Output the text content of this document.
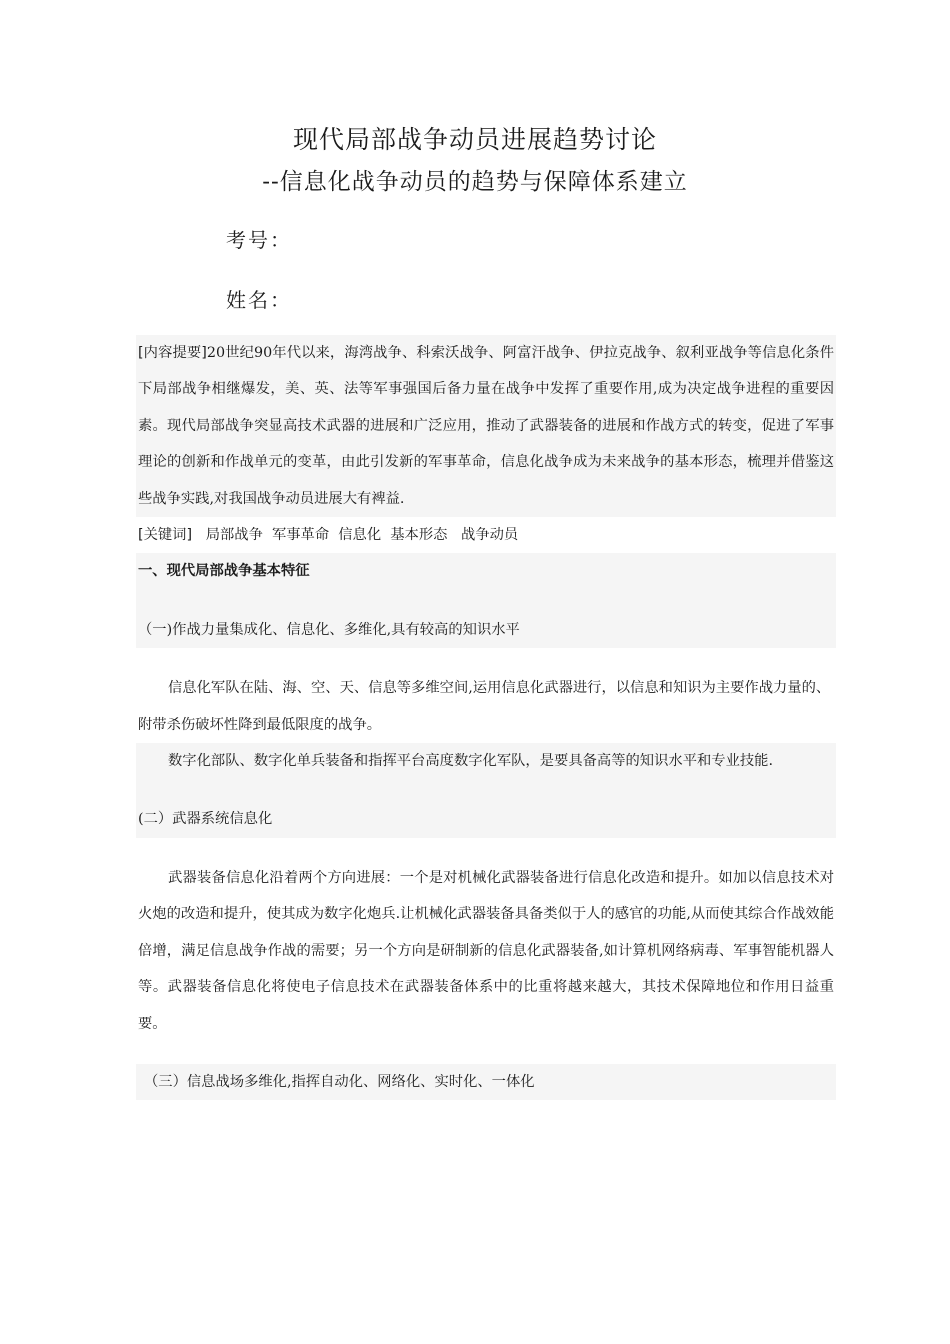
现代局部战争动员进展趋势讨论
--信息化战争动员的趋势与保障体系建立
考号：
姓名：

[内容提要]20世纪90年代以来，海湾战争、科索沃战争、阿富汗战争、伊拉克战争、叙利亚战争等信息化条件下局部战争相继爆发，美、英、法等军事强国后备力量在战争中发挥了重要作用,成为决定战争进程的重要因素。现代局部战争突显高技术武器的进展和广泛应用，推动了武器装备的进展和作战方式的转变，促进了军事理论的创新和作战单元的变革，由此引发新的军事革命，信息化战争成为未来战争的基本形态，梳理并借鉴这些战争实践,对我国战争动员进展大有裨益.

[关键词] 局部战争  军事革命  信息化  基本形态   战争动员

一、现代局部战争基本特征

（一)作战力量集成化、信息化、多维化,具有较高的知识水平

信息化军队在陆、海、空、天、信息等多维空间,运用信息化武器进行，以信息和知识为主要作战力量的、附带杀伤破坏性降到最低限度的战争。

数字化部队、数字化单兵装备和指挥平台高度数字化军队，是要具备高等的知识水平和专业技能.

(二）武器系统信息化

武器装备信息化沿着两个方向进展：一个是对机械化武器装备进行信息化改造和提升。如加以信息技术对火炮的改造和提升，使其成为数字化炮兵.让机械化武器装备具备类似于人的感官的功能,从而使其综合作战效能倍增，满足信息战争作战的需要；另一个方向是研制新的信息化武器装备,如计算机网络病毒、军事智能机器人等。武器装备信息化将使电子信息技术在武器装备体系中的比重将越来越大，其技术保障地位和作用日益重要。

（三）信息战场多维化,指挥自动化、网络化、实时化、一体化
